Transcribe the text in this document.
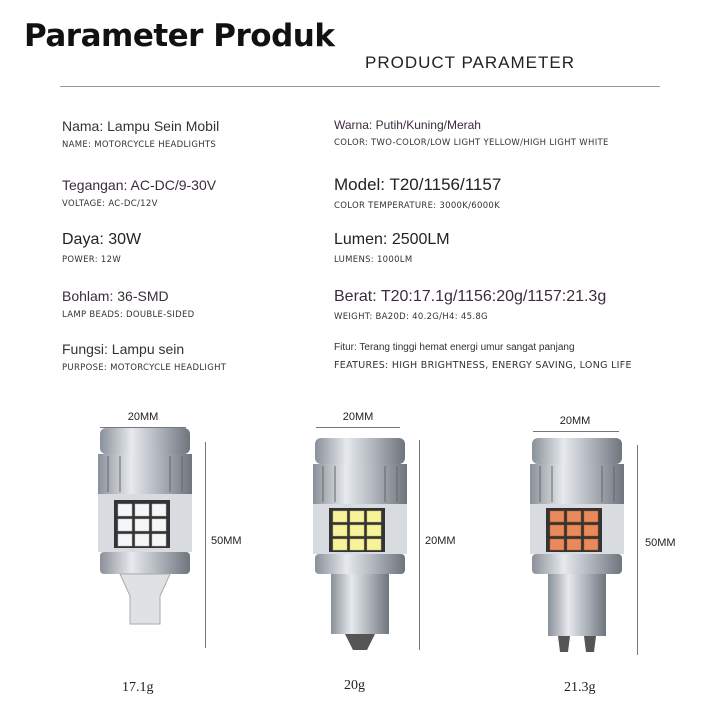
Parameter Produk
PRODUCT PARAMETER
Nama: Lampu Sein Mobil
NAME: MOTORCYCLE HEADLIGHTS
Tegangan: AC-DC/9-30V
VOLTAGE: AC-DC/12V
Daya: 30W
POWER: 12W
Bohlam: 36-SMD
LAMP BEADS: DOUBLE-SIDED
Fungsi: Lampu sein
PURPOSE: MOTORCYCLE HEADLIGHT
Warna: Putih/Kuning/Merah
COLOR: TWO-COLOR/LOW LIGHT YELLOW/HIGH LIGHT WHITE
Model: T20/1156/1157
COLOR TEMPERATURE: 3000K/6000K
Lumen: 2500LM
LUMENS: 1000LM
Berat: T20:17.1g/1156:20g/1157:21.3g
WEIGHT: BA20D: 40.2G/H4: 45.8G
Fitur: Terang tinggi hemat energi umur sangat panjang
FEATURES: HIGH BRIGHTNESS, ENERGY SAVING, LONG LIFE
20MM
50MM
17.1g
20MM
20MM
20g
20MM
50MM
21.3g
